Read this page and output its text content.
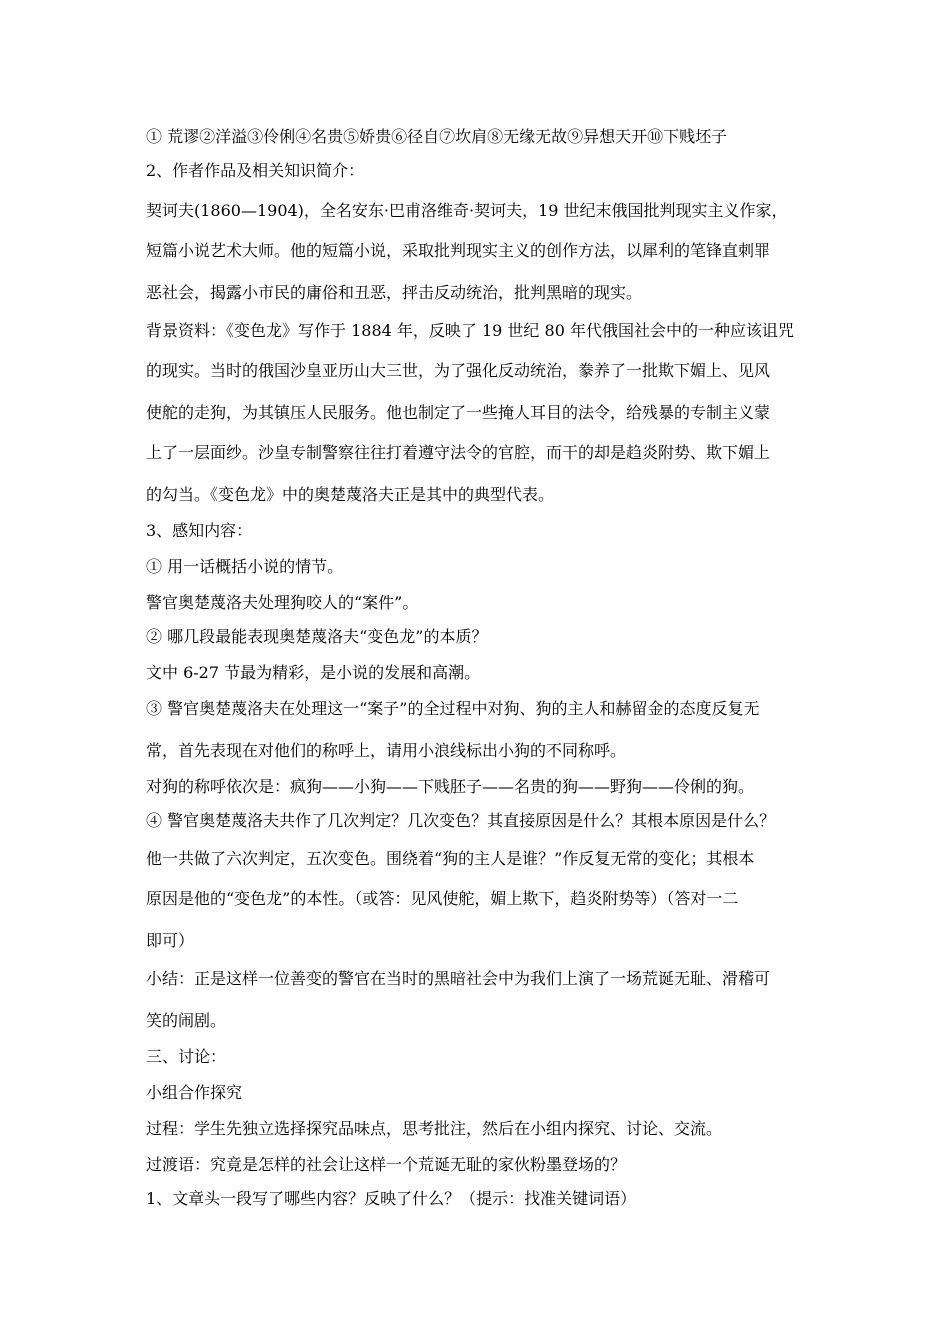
① 荒谬②洋溢③伶俐④名贵⑤娇贵⑥径自⑦坎肩⑧无缘无故⑨异想天开⑩下贱坯子
2、作者作品及相关知识简介：
契诃夫(1860—1904)，全名安东·巴甫洛维奇·契诃夫，19 世纪末俄国批判现实主义作家，
短篇小说艺术大师。他的短篇小说，采取批判现实主义的创作方法，以犀利的笔锋直刺罪
恶社会，揭露小市民的庸俗和丑恶，抨击反动统治，批判黑暗的现实。
背景资料：《变色龙》写作于 1884 年，反映了 19 世纪 80 年代俄国社会中的一种应该诅咒
的现实。当时的俄国沙皇亚历山大三世，为了强化反动统治，豢养了一批欺下媚上、见风
使舵的走狗，为其镇压人民服务。他也制定了一些掩人耳目的法令，给残暴的专制主义蒙
上了一层面纱。沙皇专制警察往往打着遵守法令的官腔，而干的却是趋炎附势、欺下媚上
的勾当。《变色龙》中的奥楚蔑洛夫正是其中的典型代表。
3、感知内容：
① 用一话概括小说的情节。
警官奥楚蔑洛夫处理狗咬人的“案件”。
② 哪几段最能表现奥楚蔑洛夫“变色龙”的本质？
文中 6-27 节最为精彩，是小说的发展和高潮。
③ 警官奥楚蔑洛夫在处理这一“案子”的全过程中对狗、狗的主人和赫留金的态度反复无
常，首先表现在对他们的称呼上，请用小浪线标出小狗的不同称呼。
对狗的称呼依次是：疯狗——小狗——下贱胚子——名贵的狗——野狗——伶俐的狗。
④ 警官奥楚蔑洛夫共作了几次判定？几次变色？其直接原因是什么？其根本原因是什么？
他一共做了六次判定，五次变色。围绕着“狗的主人是谁？”作反复无常的变化；其根本
原因是他的“变色龙”的本性。（或答：见风使舵，媚上欺下，趋炎附势等）（答对一二
即可）
小结：正是这样一位善变的警官在当时的黑暗社会中为我们上演了一场荒诞无耻、滑稽可
笑的闹剧。
三、讨论：
小组合作探究
过程：学生先独立选择探究品味点，思考批注，然后在小组内探究、讨论、交流。
过渡语：究竟是怎样的社会让这样一个荒诞无耻的家伙粉墨登场的？
1、文章头一段写了哪些内容？反映了什么？（提示：找准关键词语）
